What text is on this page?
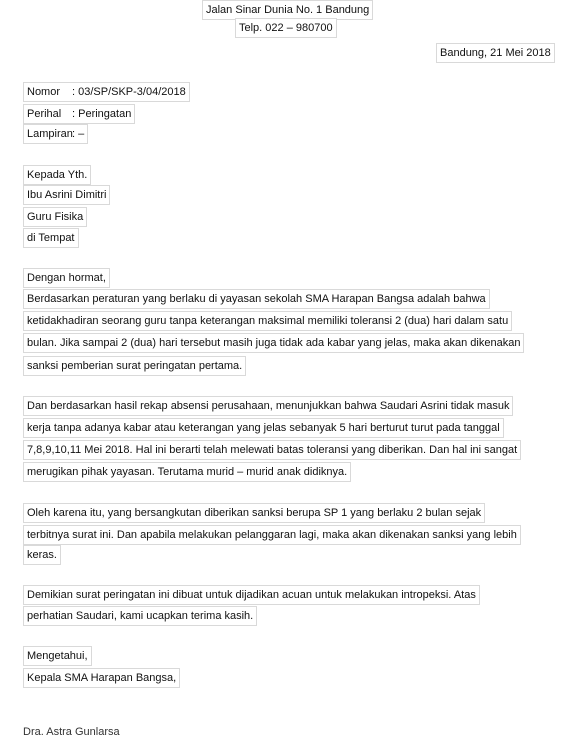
Jalan Sinar Dunia No. 1 Bandung
Telp. 022 – 980700
Bandung, 21 Mei 2018
Nomor : 03/SP/SKP-3/04/2018
Perihal : Peringatan
Lampiran: –
Kepada Yth.
Ibu Asrini Dimitri
Guru Fisika
di Tempat
Dengan hormat,
Berdasarkan peraturan yang berlaku di yayasan sekolah SMA Harapan Bangsa adalah bahwa
ketidakhadiran seorang guru tanpa keterangan maksimal memiliki toleransi 2 (dua) hari dalam satu
bulan. Jika sampai 2 (dua) hari tersebut masih juga tidak ada kabar yang jelas, maka akan dikenakan
sanksi pemberian surat peringatan pertama.
Dan berdasarkan hasil rekap absensi perusahaan, menunjukkan bahwa Saudari Asrini tidak masuk
kerja tanpa adanya kabar atau keterangan yang jelas sebanyak 5 hari berturut turut pada tanggal
7,8,9,10,11 Mei 2018. Hal ini berarti telah melewati batas toleransi yang diberikan. Dan hal ini sangat
merugikan pihak yayasan. Terutama murid – murid anak didiknya.
Oleh karena itu, yang bersangkutan diberikan sanksi berupa SP 1 yang berlaku 2 bulan sejak
terbitnya surat ini. Dan apabila melakukan pelanggaran lagi, maka akan dikenakan sanksi yang lebih
keras.
Demikian surat peringatan ini dibuat untuk dijadikan acuan untuk melakukan intropeksi. Atas
perhatian Saudari, kami ucapkan terima kasih.
Mengetahui,
Kepala SMA Harapan Bangsa,
Dra. Astra Gunlarsa
